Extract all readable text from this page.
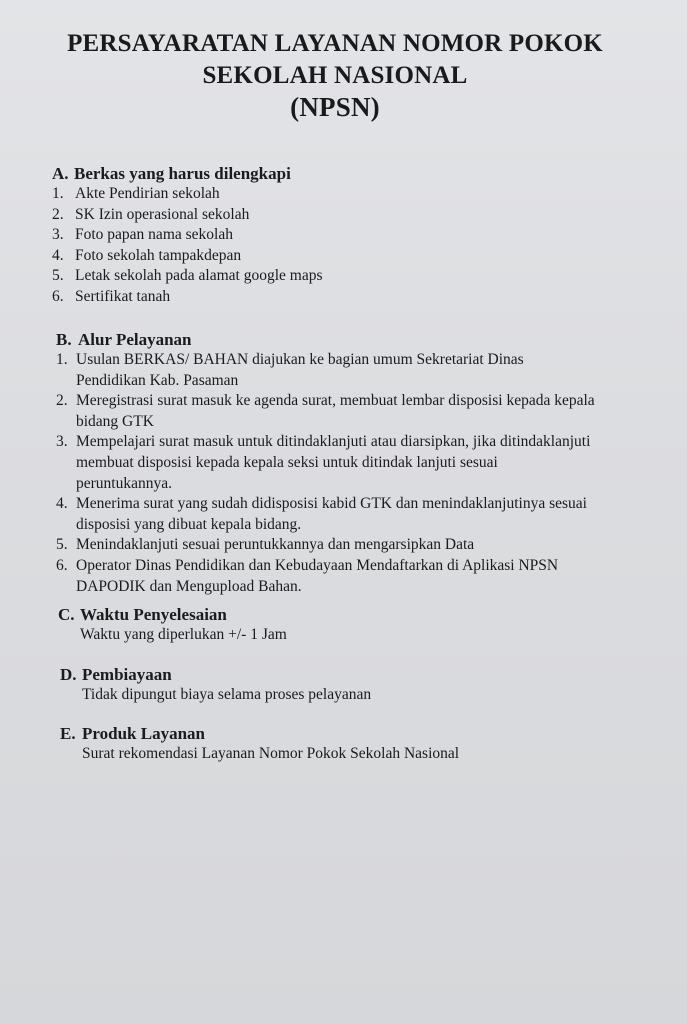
PERSAYARATAN LAYANAN NOMOR POKOK
SEKOLAH NASIONAL
(NPSN)
A. Berkas yang harus dilengkapi
1. Akte Pendirian sekolah
2. SK Izin operasional sekolah
3. Foto papan nama sekolah
4. Foto sekolah tampakdepan
5. Letak sekolah pada alamat google maps
6. Sertifikat tanah
B. Alur Pelayanan
1. Usulan BERKAS/ BAHAN diajukan ke bagian umum Sekretariat Dinas Pendidikan Kab. Pasaman
2. Meregistrasi surat masuk ke agenda surat, membuat lembar disposisi kepada kepala bidang GTK
3. Mempelajari surat masuk untuk ditindaklanjuti atau diarsipkan, jika ditindaklanjuti membuat disposisi kepada kepala seksi untuk ditindak lanjuti sesuai peruntukannya.
4. Menerima surat yang sudah didisposisi kabid GTK dan menindaklanjutinya sesuai disposisi yang dibuat kepala bidang.
5. Menindaklanjuti sesuai peruntukkannya dan mengarsipkan Data
6. Operator Dinas Pendidikan dan Kebudayaan Mendaftarkan di Aplikasi NPSN DAPODIK dan Mengupload Bahan.
C. Waktu Penyelesaian
Waktu yang diperlukan +/- 1 Jam
D. Pembiayaan
Tidak dipungut biaya selama proses pelayanan
E. Produk Layanan
Surat rekomendasi Layanan Nomor Pokok Sekolah Nasional
